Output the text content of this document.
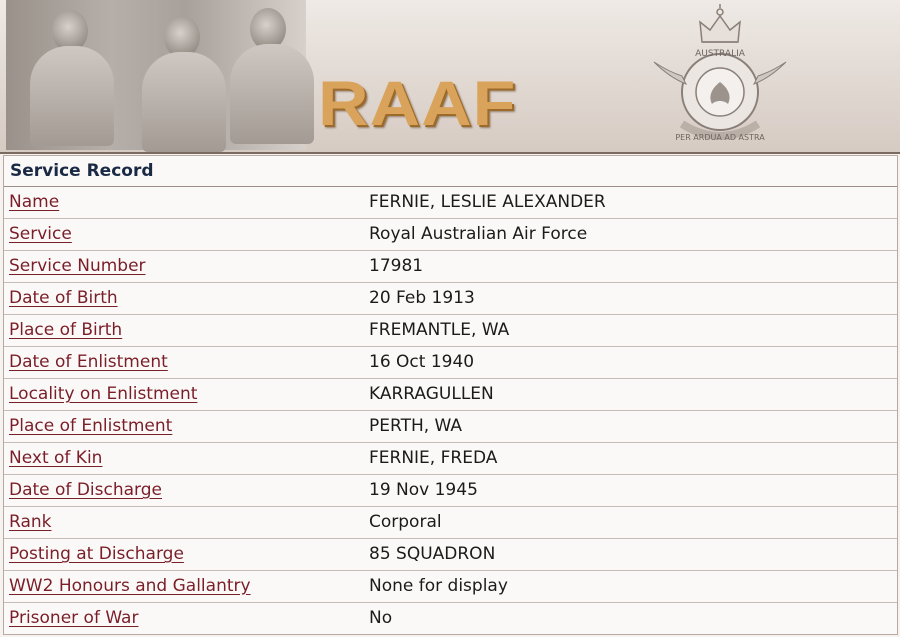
RAAF
AUSTRALIA
PER ARDUA AD ASTRA
Service Record
Name	FERNIE, LESLIE ALEXANDER
Service	Royal Australian Air Force
Service Number	17981
Date of Birth	20 Feb 1913
Place of Birth	FREMANTLE, WA
Date of Enlistment	16 Oct 1940
Locality on Enlistment	KARRAGULLEN
Place of Enlistment	PERTH, WA
Next of Kin	FERNIE, FREDA
Date of Discharge	19 Nov 1945
Rank	Corporal
Posting at Discharge	85 SQUADRON
WW2 Honours and Gallantry	None for display
Prisoner of War	No
